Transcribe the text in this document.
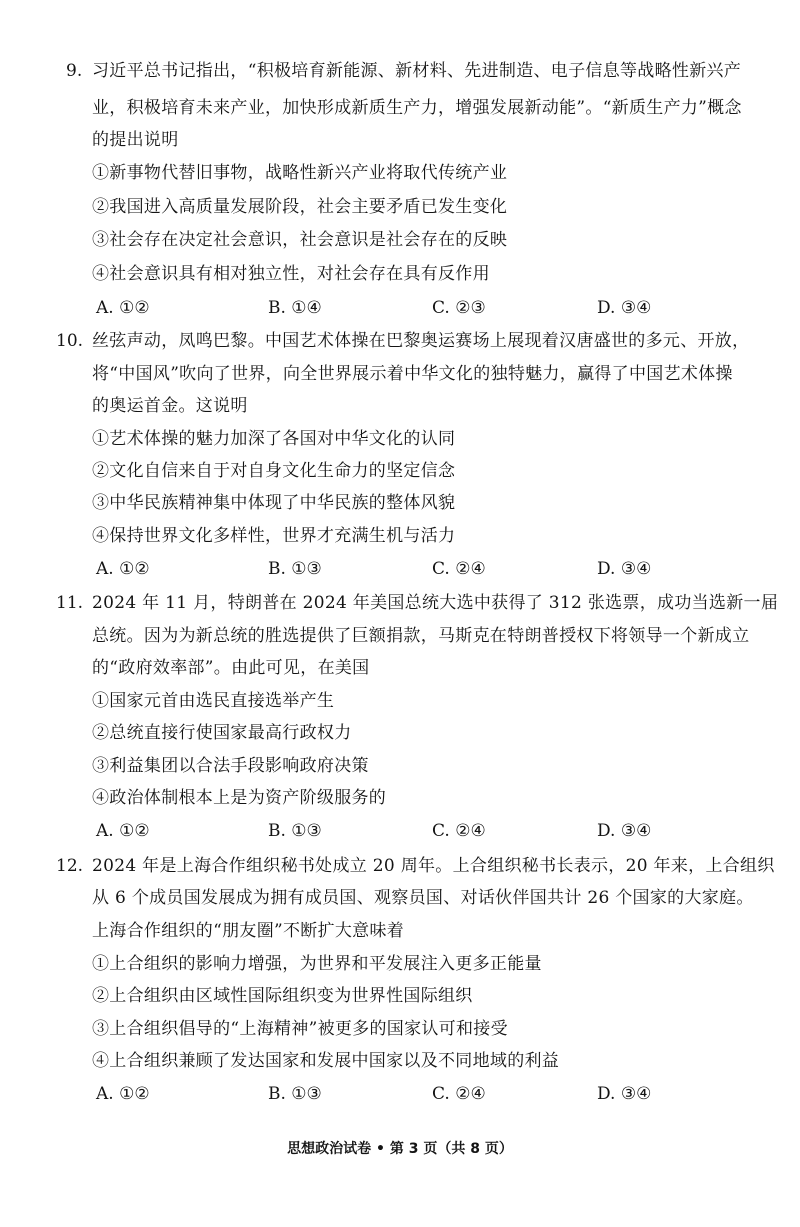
9. 习近平总书记指出，“积极培育新能源、新材料、先进制造、电子信息等战略性新兴产
业，积极培育未来产业，加快形成新质生产力，增强发展新动能”。“新质生产力”概念
的提出说明
①新事物代替旧事物，战略性新兴产业将取代传统产业
②我国进入高质量发展阶段，社会主要矛盾已发生变化
③社会存在决定社会意识，社会意识是社会存在的反映
④社会意识具有相对独立性，对社会存在具有反作用
A. ①②	B. ①④	C. ②③	D. ③④
10. 丝弦声动，凤鸣巴黎。中国艺术体操在巴黎奥运赛场上展现着汉唐盛世的多元、开放，
将“中国风”吹向了世界，向全世界展示着中华文化的独特魅力，赢得了中国艺术体操
的奥运首金。这说明
①艺术体操的魅力加深了各国对中华文化的认同
②文化自信来自于对自身文化生命力的坚定信念
③中华民族精神集中体现了中华民族的整体风貌
④保持世界文化多样性，世界才充满生机与活力
A. ①②	B. ①③	C. ②④	D. ③④
11. 2024 年 11 月，特朗普在 2024 年美国总统大选中获得了 312 张选票，成功当选新一届
总统。因为为新总统的胜选提供了巨额捐款，马斯克在特朗普授权下将领导一个新成立
的“政府效率部”。由此可见，在美国
①国家元首由选民直接选举产生
②总统直接行使国家最高行政权力
③利益集团以合法手段影响政府决策
④政治体制根本上是为资产阶级服务的
A. ①②	B. ①③	C. ②④	D. ③④
12. 2024 年是上海合作组织秘书处成立 20 周年。上合组织秘书长表示，20 年来，上合组织
从 6 个成员国发展成为拥有成员国、观察员国、对话伙伴国共计 26 个国家的大家庭。
上海合作组织的“朋友圈”不断扩大意味着
①上合组织的影响力增强，为世界和平发展注入更多正能量
②上合组织由区域性国际组织变为世界性国际组织
③上合组织倡导的“上海精神”被更多的国家认可和接受
④上合组织兼顾了发达国家和发展中国家以及不同地域的利益
A. ①②	B. ①③	C. ②④	D. ③④
思想政治试卷 • 第 3 页（共 8 页）
